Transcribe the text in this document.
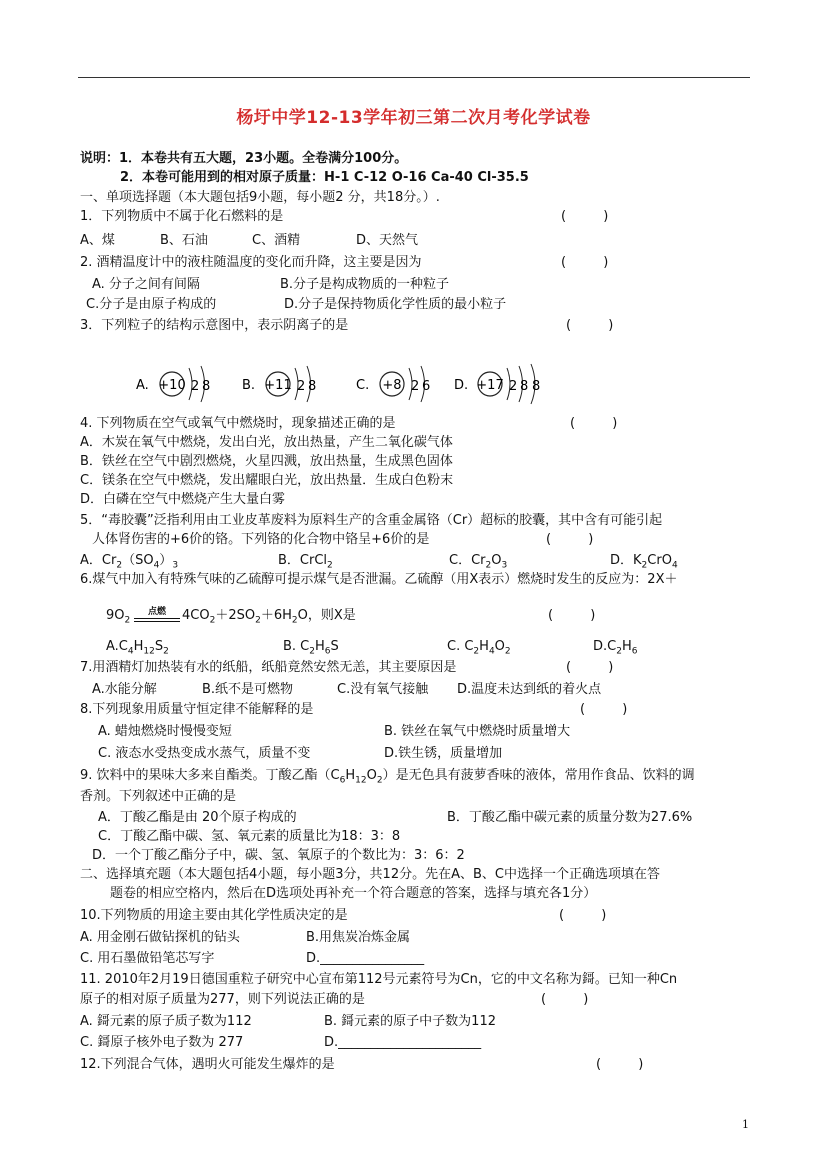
杨圩中学12-13学年初三第二次月考化学试卷
说明：1．本卷共有五大题，23小题。全卷满分100分。
2．本卷可能用到的相对原子质量：H-1 C-12 O-16 Ca-40 Cl-35.5
一、单项选择题（本大题包括9小题，每小题2 分，共18分。）.
1．下列物质中不属于化石燃料的是	(         )
A、煤	B、石油	C、酒精	D、天然气
2. 酒精温度计中的液柱随温度的变化而升降，这主要是因为	(         )
A. 分子之间有间隔	B.分子是构成物质的一种粒子
C.分子是由原子构成的	D.分子是保持物质化学性质的最小粒子
3．下列粒子的结构示意图中，表示阴离子的是	(         )
A. +10 2 8 B. +11 2 8	C. +8 2 6 D. +17 2 8 8
4. 下列物质在空气或氧气中燃烧时，现象描述正确的是	(         )
A．木炭在氧气中燃烧，发出白光，放出热量，产生二氧化碳气体
B．铁丝在空气中剧烈燃烧，火星四溅，放出热量，生成黑色固体
C．镁条在空气中燃烧，发出耀眼白光，放出热量．生成白色粉末
D．白磷在空气中燃烧产生大量白雾
5．“毒胶囊”泛指利用由工业皮革废料为原料生产的含重金属铬（Cr）超标的胶囊，其中含有可能引起
人体肾伤害的+6价的铬。下列铬的化合物中铬呈+6价的是	(         )
A．$Cr_2(SO_4)_3$	B．CrCl$_2$	C．$Cr_2O_3$	D．$K_2CrO_4$
6.煤气中加入有特殊气味的乙硫醇可提示煤气是否泄漏。乙硫醇（用X表示）燃烧时发生的反应为：2X＋
$9O_2$
点燃	$4CO_2+2SO_2+6H_2O$，则X是	(         )
$A.C_4H_{12}S_2$	B. $C_2H_6S$	C. $C_2H_4O_2$	$D.C_2H_6$
7.用酒精灯加热装有水的纸船，纸船竟然安然无恙，其主要原因是	(         )
A.水能分解	B.纸不是可燃物	C.没有氧气接触 D.温度未达到纸的着火点
8.下列现象用质量守恒定律不能解释的是	(         )
A. 蜡烛燃烧时慢慢变短	B. 铁丝在氧气中燃烧时质量增大
C. 液态水受热变成水蒸气，质量不变	D.铁生锈，质量增加
9. 饮料中的果味大多来自酯类。丁酸乙酯$(C_6H_{12}O_2)$是无色具有菠萝香味的液体，常用作食品、饮料的调
香剂。下列叙述中正确的是
A．丁酸乙酯是由 20个原子构成的	B．丁酸乙酯中碳元素的质量分数为27.6%
C．丁酸乙酯中碳、氢、氧元素的质量比为18：3：8
D．一个丁酸乙酯分子中，碳、氢、氧原子的个数比为：3：6：2
二、选择填充题（本大题包括4小题，每小题3分，共12分。先在A、B、C中选择一个正确选项填在答
题卷的相应空格内，然后在D选项处再补充一个符合题意的答案，选择与填充各1分）
10.下列物质的用途主要由其化学性质决定的是	(         )
A. 用金刚石做钻探机的钻头	B.用焦炭冶炼金属
C. 用石墨做铅笔芯写字	D.________________
11. 2010年2月19日德国重粒子研究中心宣布第112号元素符号为Cn，它的中文名称为鎶。已知一种Cn
原子的相对原子质量为277，则下列说法正确的是	(         )
A. 鎶元素的原子质子数为112	B. 鎶元素的原子中子数为112
C. 鎶原子核外电子数为 277	D.______________________
12.下列混合气体，遇明火可能发生爆炸的是	(         )
1
